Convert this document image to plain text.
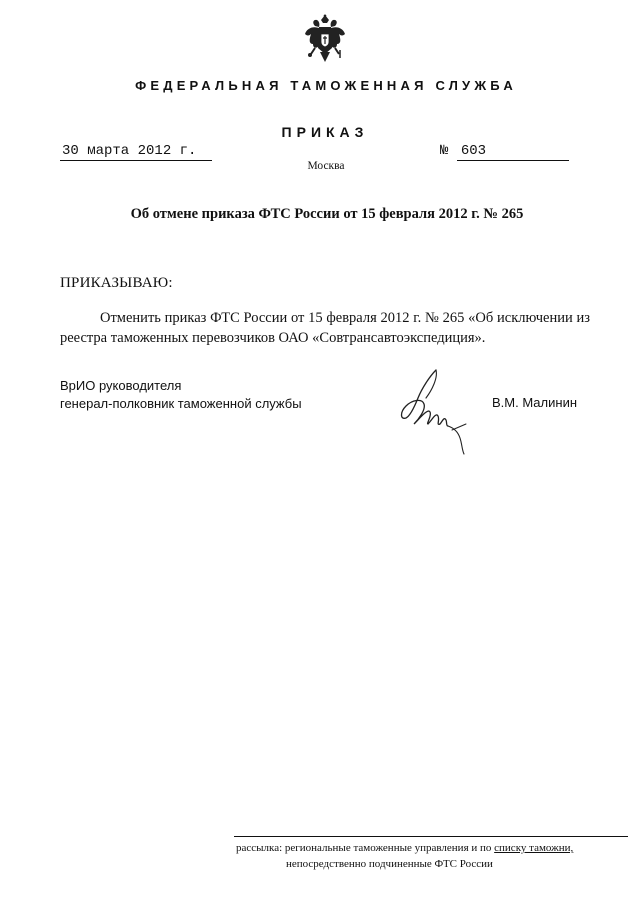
ФЕДЕРАЛЬНАЯ ТАМОЖЕННАЯ СЛУЖБА
ПРИКАЗ
30 марта 2012 г.	№ 603
Москва
Об отмене приказа ФТС России от 15 февраля 2012 г. № 265
ПРИКАЗЫВАЮ:
Отменить приказ ФТС России от 15 февраля 2012 г. № 265 «Об исключении из реестра таможенных перевозчиков ОАО «Совтрансавтоэкспедиция».
ВрИО руководителя
генерал-полковник таможенной службы	В.М. Малинин
рассылка: региональные таможенные управления и по списку таможни,
непосредственно подчиненные ФТС России
